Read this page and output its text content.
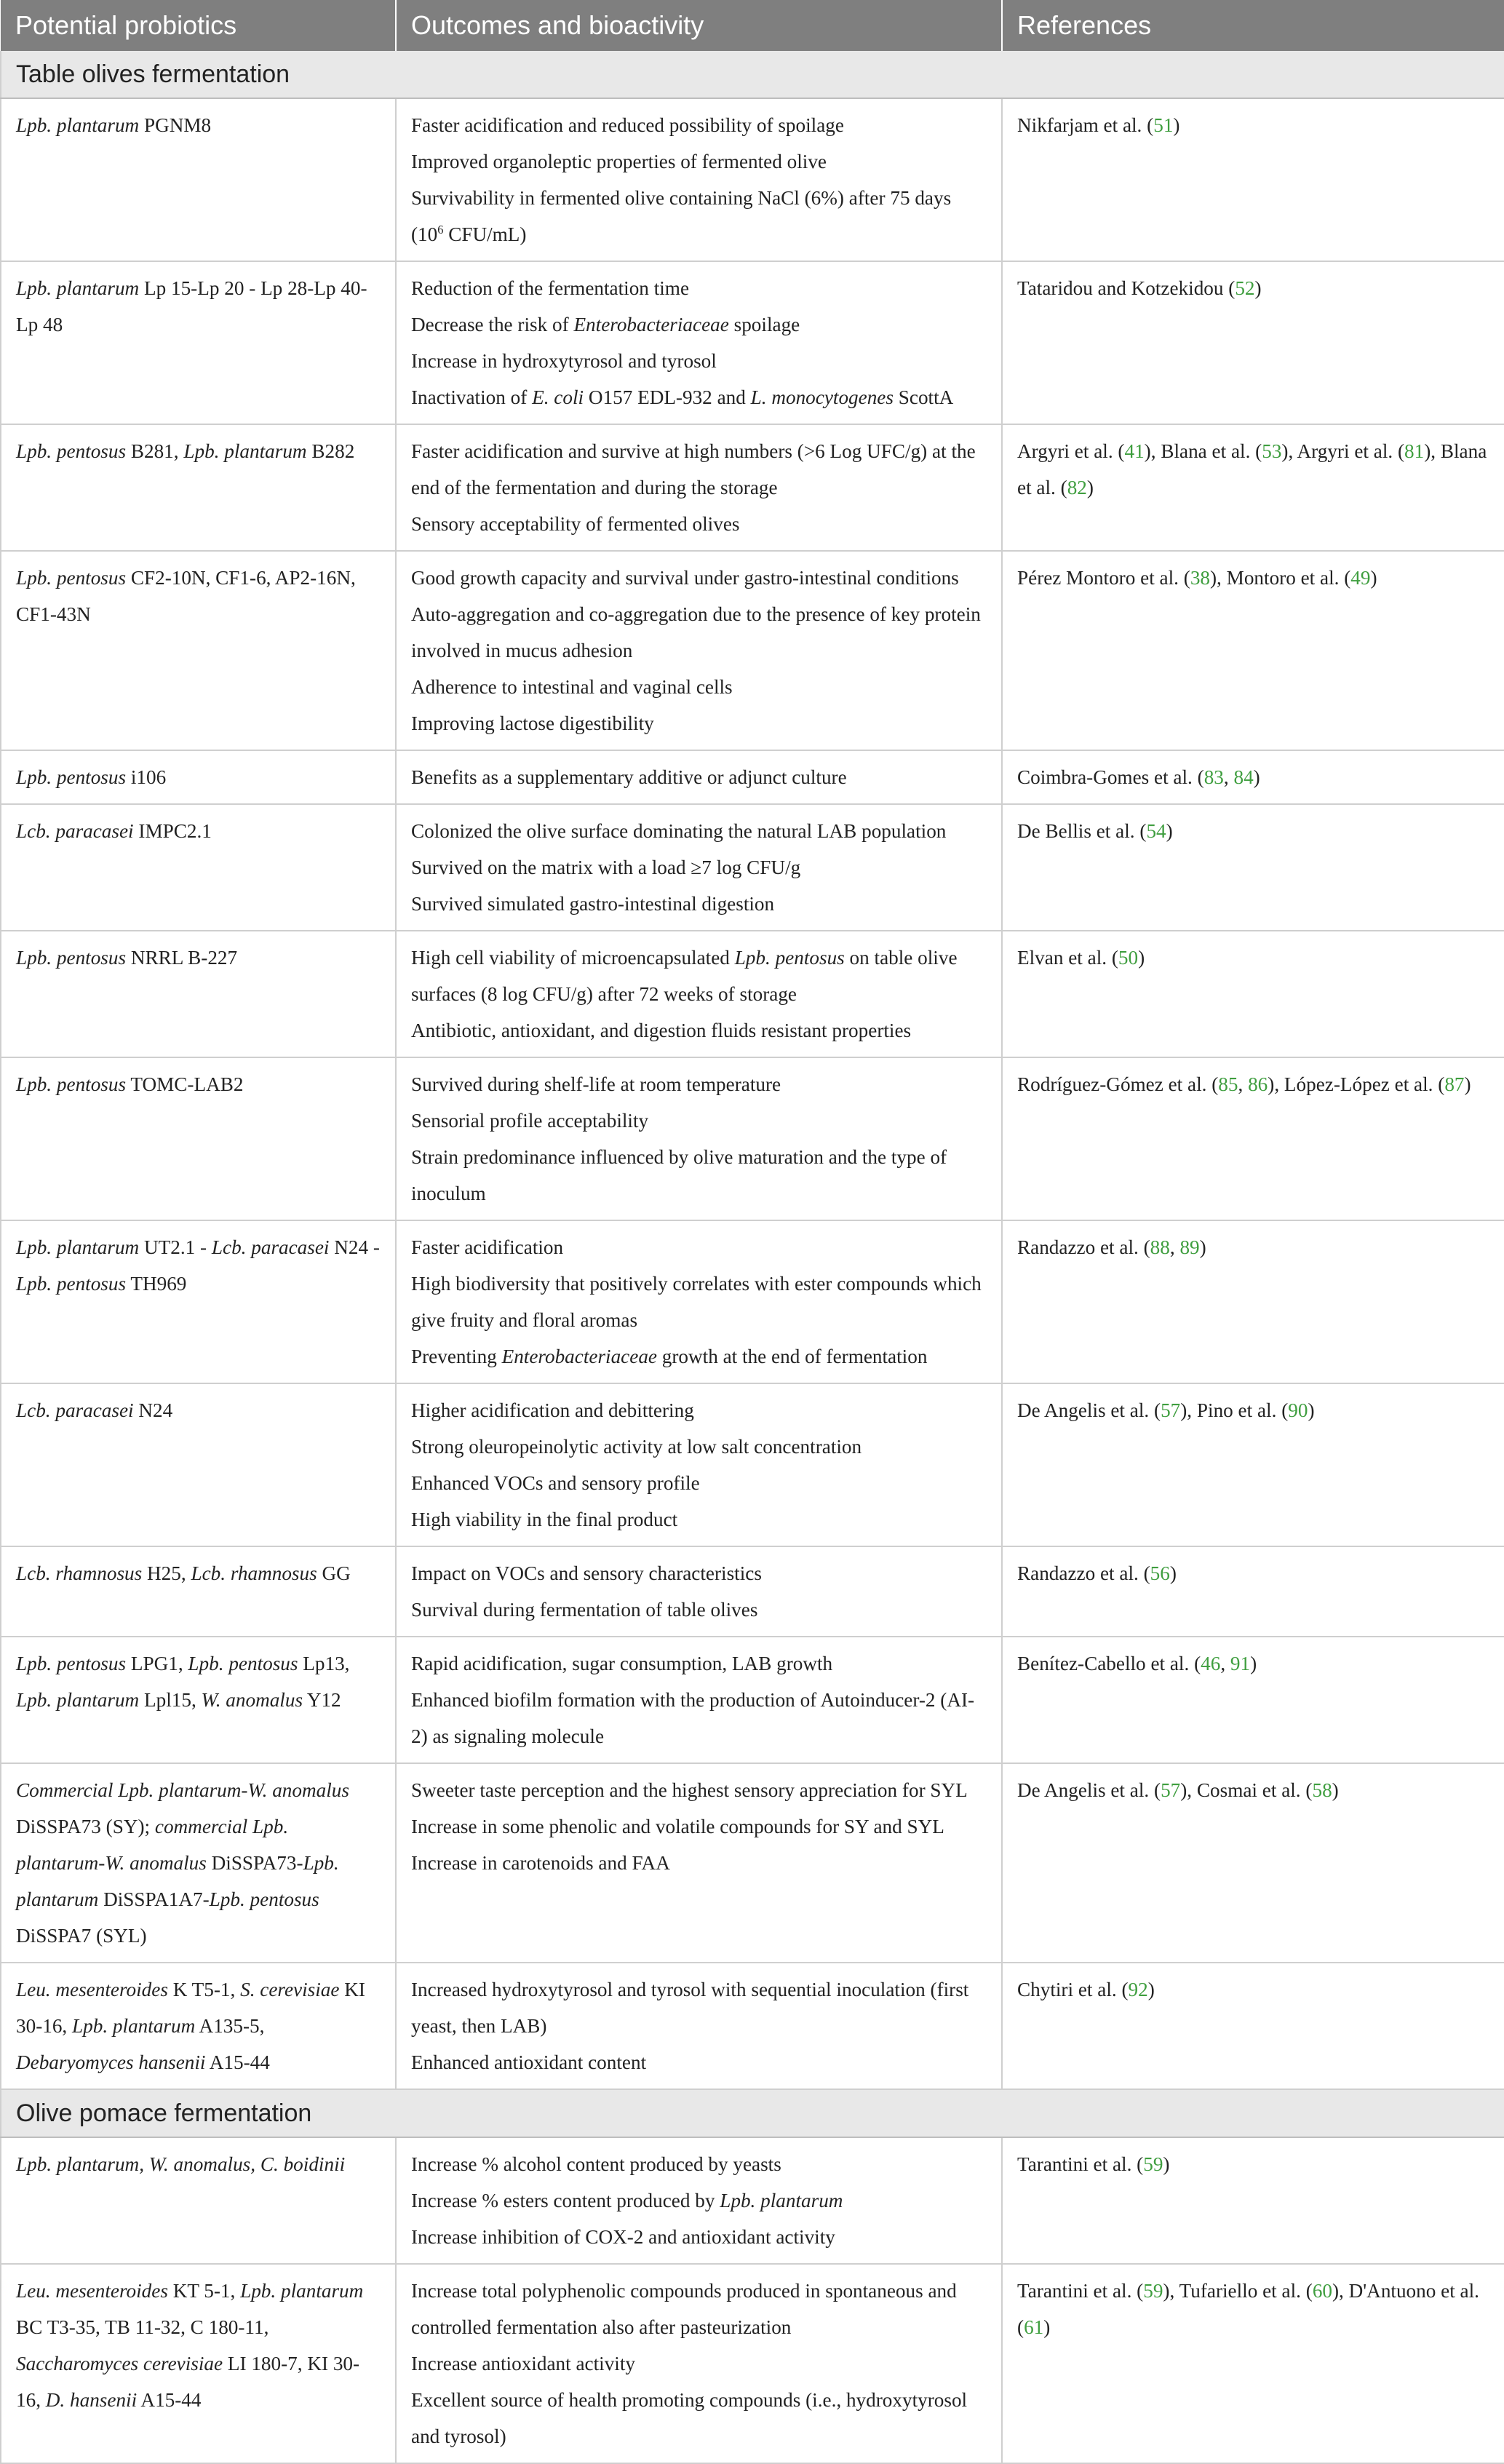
Potential probiotics	Outcomes and bioactivity	References
Table olives fermentation		
Lpb. plantarum PGNM8	Faster acidification and reduced possibility of spoilage
Improved organoleptic properties of fermented olive
Survivability in fermented olive containing NaCl (6%) after 75 days
($10^6$ CFU/mL)	Nikfarjam et al. (51)

Lpb. plantarum Lp 15-Lp 20 - Lp 28-Lp 40-Lp 48	Reduction of the fermentation time
Decrease the risk of Enterobacteriaceae spoilage
Increase in hydroxytyrosol and tyrosol
Inactivation of E. coli O157 EDL-932 and L. monocytogenes ScottA	Tataridou and Kotzekidou (52)

Lpb. pentosus B281, Lpb. plantarum B282	Faster acidification and survive at high numbers (>6 Log UFC/g) at the end of the fermentation and during the storage
Sensory acceptability of fermented olives	Argyri et al. (41), Blana et al. (53), Argyri et al. (81), Blana et al. (82)

Lpb. pentosus CF2-10N, CF1-6, AP2-16N, CF1-43N	Good growth capacity and survival under gastro-intestinal conditions
Auto-aggregation and co-aggregation due to the presence of key protein involved in mucus adhesion
Adherence to intestinal and vaginal cells
Improving lactose digestibility	Pérez Montoro et al. (38), Montoro et al. (49)

Lpb. pentosus i106	Benefits as a supplementary additive or adjunct culture	Coimbra-Gomes et al. (83, 84)

Lcb. paracasei IMPC2.1	Colonized the olive surface dominating the natural LAB population
Survived on the matrix with a load ≥7 log CFU/g
Survived simulated gastro-intestinal digestion	De Bellis et al. (54)

Lpb. pentosus NRRL B-227	High cell viability of microencapsulated Lpb. pentosus on table olive surfaces (8 log CFU/g) after 72 weeks of storage
Antibiotic, antioxidant, and digestion fluids resistant properties	Elvan et al. (50)

Lpb. pentosus TOMC-LAB2	Survived during shelf-life at room temperature
Sensorial profile acceptability
Strain predominance influenced by olive maturation and the type of inoculum	Rodríguez-Gómez et al. (85, 86), López-López et al. (87)

Lpb. plantarum UT2.1 - Lcb. paracasei N24 - Lpb. pentosus TH969	Faster acidification
High biodiversity that positively correlates with ester compounds which give fruity and floral aromas
Preventing Enterobacteriaceae growth at the end of fermentation	Randazzo et al. (88, 89)

Lcb. paracasei N24	Higher acidification and debittering
Strong oleuropeinolytic activity at low salt concentration
Enhanced VOCs and sensory profile
High viability in the final product	De Angelis et al. (57), Pino et al. (90)

Lcb. rhamnosus H25, Lcb. rhamnosus GG	Impact on VOCs and sensory characteristics
Survival during fermentation of table olives	Randazzo et al. (56)

Lpb. pentosus LPG1, Lpb. pentosus Lp13, Lpb. plantarum Lpl15, W. anomalus Y12	Rapid acidification, sugar consumption, LAB growth
Enhanced biofilm formation with the production of Autoinducer-2 (AI-2) as signaling molecule	Benítez-Cabello et al. (46, 91)

Commercial Lpb. plantarum-W. anomalus DiSSPA73 (SY); commercial Lpb. plantarum-W. anomalus DiSSPA73-Lpb. plantarum DiSSPA1A7-Lpb. pentosus DiSSPA7 (SYL)	Sweeter taste perception and the highest sensory appreciation for SYL
Increase in some phenolic and volatile compounds for SY and SYL
Increase in carotenoids and FAA	De Angelis et al. (57), Cosmai et al. (58)

Leu. mesenteroides K T5-1, S. cerevisiae KI 30-16, Lpb. plantarum A135-5, Debaryomyces hansenii A15-44	Increased hydroxytyrosol and tyrosol with sequential inoculation (first yeast, then LAB)
Enhanced antioxidant content	Chytiri et al. (92)

Olive pomace fermentation		
Lpb. plantarum, W. anomalus, C. boidinii	Increase % alcohol content produced by yeasts
Increase % esters content produced by Lpb. plantarum
Increase inhibition of COX-2 and antioxidant activity	Tarantini et al. (59)

Leu. mesenteroides KT 5-1, Lpb. plantarum BC T3-35, TB 11-32, C 180-11, Saccharomyces cerevisiae LI 180-7, KI 30-16, D. hansenii A15-44	Increase total polyphenolic compounds produced in spontaneous and controlled fermentation also after pasteurization
Increase antioxidant activity
Excellent source of health promoting compounds (i.e., hydroxytyrosol and tyrosol)	Tarantini et al. (59), Tufariello et al. (60), D'Antuono et al. (61)
